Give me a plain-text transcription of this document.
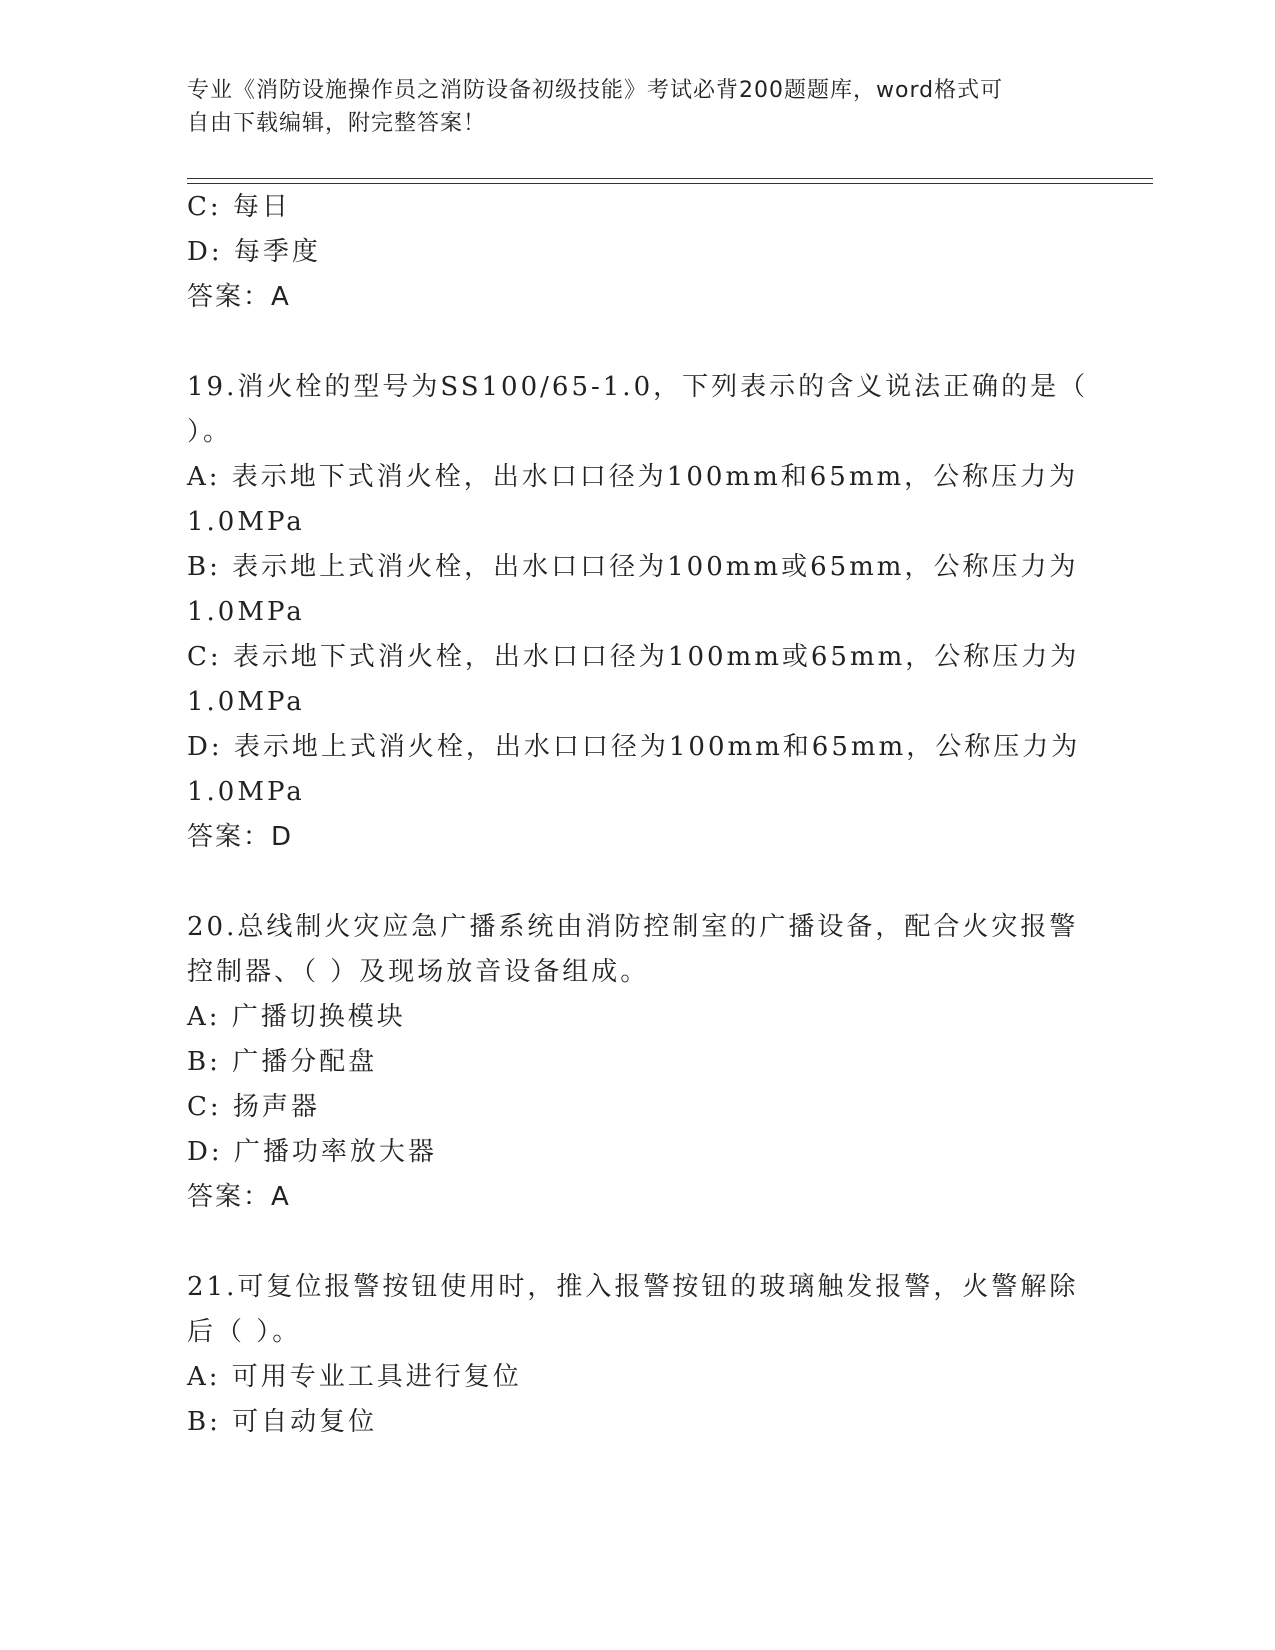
专业《消防设施操作员之消防设备初级技能》考试必背200题题库，word格式可
自由下载编辑，附完整答案！
C: 每日
D: 每季度
答案：A
19.消火栓的型号为SS100/65-1.0，下列表示的含义说法正确的是（
）。
A: 表示地下式消火栓，出水口口径为100mm和65mm，公称压力为
1.0MPa
B: 表示地上式消火栓，出水口口径为100mm或65mm，公称压力为
1.0MPa
C: 表示地下式消火栓，出水口口径为100mm或65mm，公称压力为
1.0MPa
D: 表示地上式消火栓，出水口口径为100mm和65mm，公称压力为
1.0MPa
答案：D
20.总线制火灾应急广播系统由消防控制室的广播设备，配合火灾报警
控制器、（ ）及现场放音设备组成。
A: 广播切换模块
B: 广播分配盘
C: 扬声器
D: 广播功率放大器
答案：A
21.可复位报警按钮使用时，推入报警按钮的玻璃触发报警，火警解除
后（ ）。
A: 可用专业工具进行复位
B: 可自动复位
